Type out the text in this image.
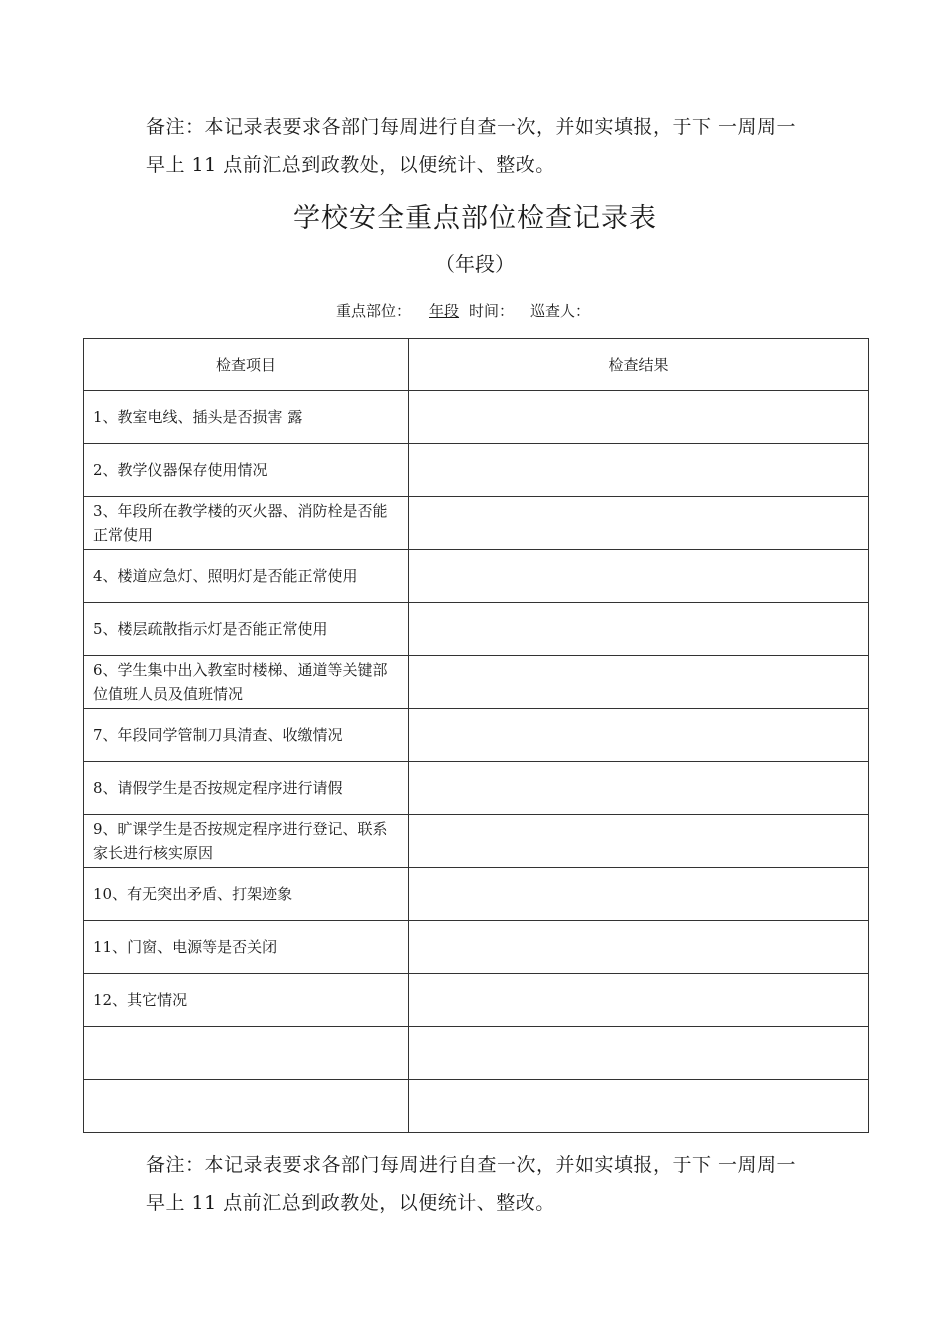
备注：本记录表要求各部门每周进行自查一次，并如实填报，于下 一周周一

早上 11 点前汇总到政教处，以便统计、整改。

学校安全重点部位检查记录表
（年段）
重点部位： 年段 时间： 巡查人：
检查项目	检查结果
1、教室电线、插头是否损害 露	
2、教学仪器保存使用情况	
3、年段所在教学楼的灭火器、消防栓是否能正常使用	
4、楼道应急灯、照明灯是否能正常使用	
5、楼层疏散指示灯是否能正常使用	
6、学生集中出入教室时楼梯、通道等关键部位值班人员及值班情况	
7、年段同学管制刀具清查、收缴情况	
8、请假学生是否按规定程序进行请假	
9、旷课学生是否按规定程序进行登记、联系家长进行核实原因	
10、有无突出矛盾、打架迹象	
11、门窗、电源等是否关闭	
12、其它情况	

备注：本记录表要求各部门每周进行自查一次，并如实填报，于下 一周周一

早上 11 点前汇总到政教处，以便统计、整改。
